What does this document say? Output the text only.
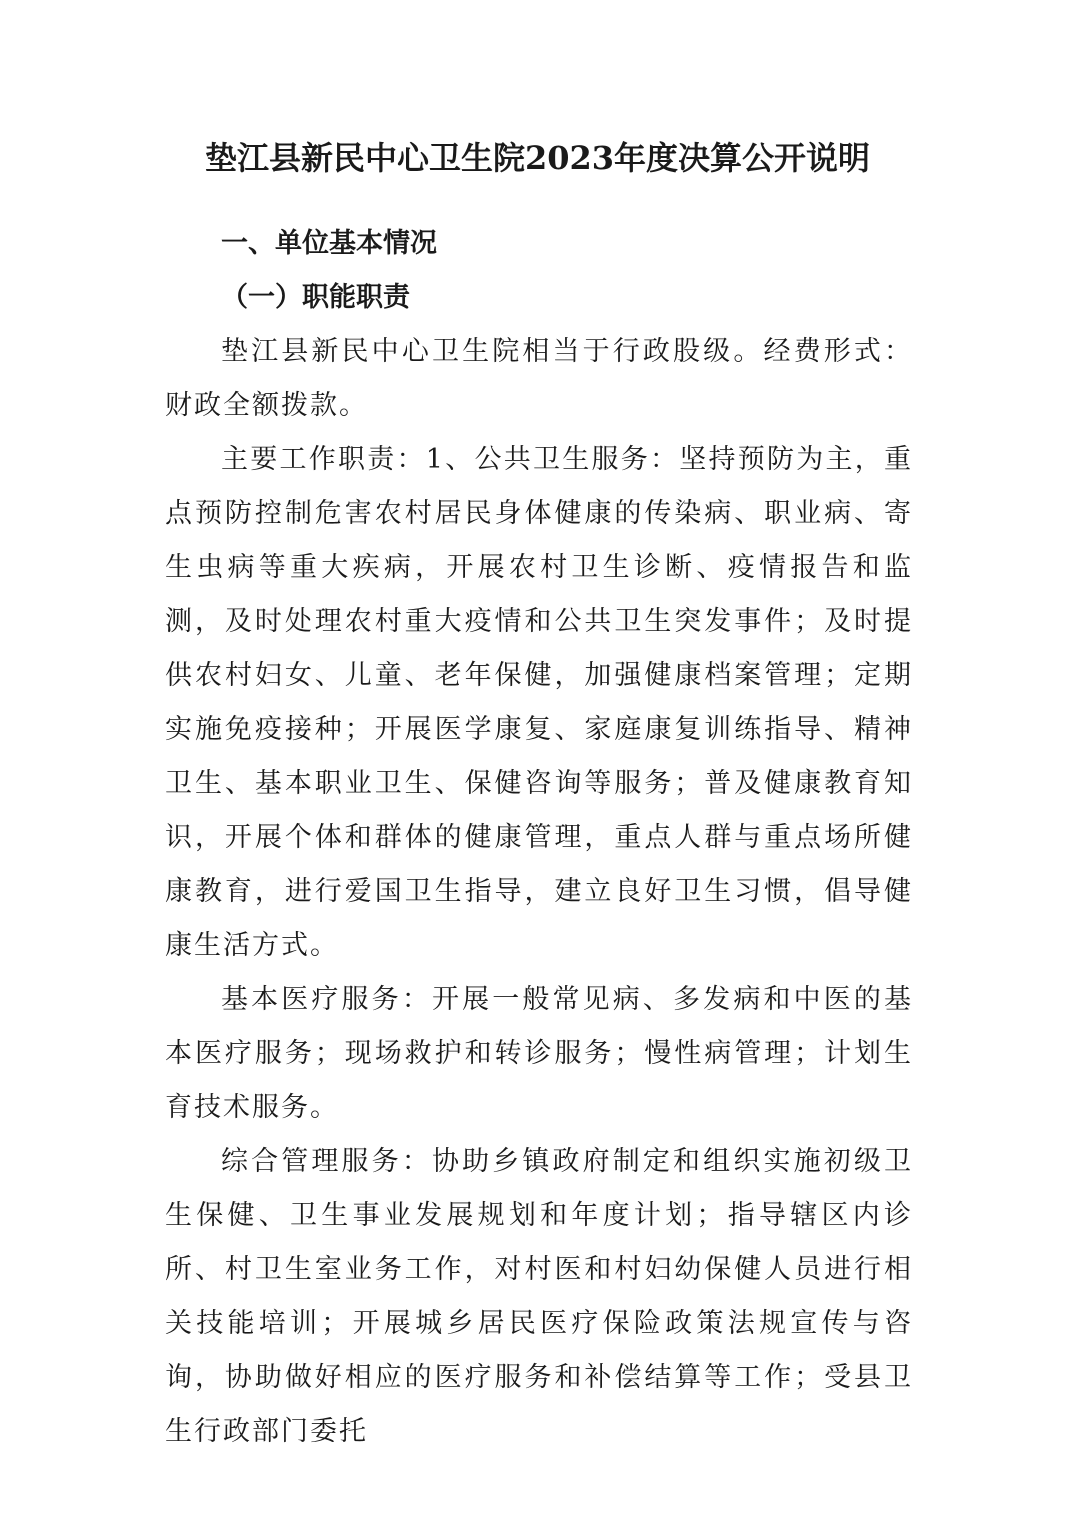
垫江县新民中心卫生院2023年度决算公开说明

一、单位基本情况

（一）职能职责

垫江县新民中心卫生院相当于行政股级。经费形式：财政全额拨款。

主要工作职责：1、公共卫生服务：坚持预防为主，重点预防控制危害农村居民身体健康的传染病、职业病、寄生虫病等重大疾病，开展农村卫生诊断、疫情报告和监测，及时处理农村重大疫情和公共卫生突发事件；及时提供农村妇女、儿童、老年保健，加强健康档案管理；定期实施免疫接种；开展医学康复、家庭康复训练指导、精神卫生、基本职业卫生、保健咨询等服务；普及健康教育知识，开展个体和群体的健康管理，重点人群与重点场所健康教育，进行爱国卫生指导，建立良好卫生习惯，倡导健康生活方式。

基本医疗服务：开展一般常见病、多发病和中医的基本医疗服务；现场救护和转诊服务；慢性病管理；计划生育技术服务。

综合管理服务：协助乡镇政府制定和组织实施初级卫生保健、卫生事业发展规划和年度计划；指导辖区内诊所、村卫生室业务工作，对村医和村妇幼保健人员进行相关技能培训；开展城乡居民医疗保险政策法规宣传与咨询，协助做好相应的医疗服务和补偿结算等工作；受县卫生行政部门委托
